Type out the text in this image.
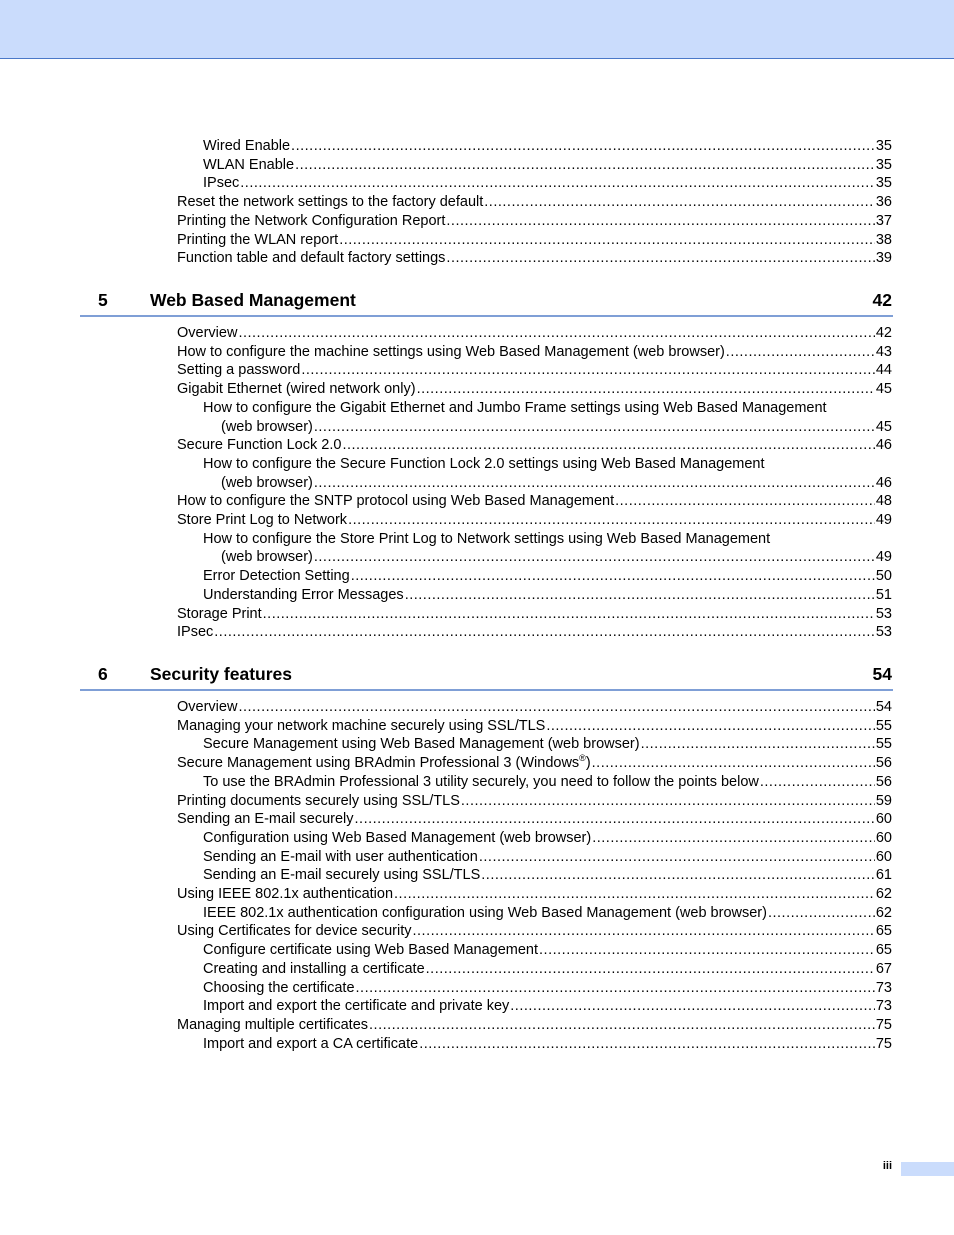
Wired Enable .....	35
WLAN Enable .....	35
IPsec .....	35
Reset the network settings to the factory default .....	36
Printing the Network Configuration Report .....	37
Printing the WLAN report .....	38
Function table and default factory settings .....	39
5 Web Based Management	42
Overview .....	42
How to configure the machine settings using Web Based Management (web browser) .....	43
Setting a password .....	44
Gigabit Ethernet (wired network only) .....	45
How to configure the Gigabit Ethernet and Jumbo Frame settings using Web Based Management
(web browser) .....	45
Secure Function Lock 2.0 .....	46
How to configure the Secure Function Lock 2.0 settings using Web Based Management
(web browser) .....	46
How to configure the SNTP protocol using Web Based Management .....	48
Store Print Log to Network .....	49
How to configure the Store Print Log to Network settings using Web Based Management
(web browser) .....	49
Error Detection Setting .....	50
Understanding Error Messages .....	51
Storage Print .....	53
IPsec .....	53
6 Security features	54
Overview .....	54
Managing your network machine securely using SSL/TLS .....	55
Secure Management using Web Based Management (web browser) .....	55
Secure Management using BRAdmin Professional 3 (Windows®) .....	56
To use the BRAdmin Professional 3 utility securely, you need to follow the points below .....	56
Printing documents securely using SSL/TLS .....	59
Sending an E-mail securely .....	60
Configuration using Web Based Management (web browser) .....	60
Sending an E-mail with user authentication .....	60
Sending an E-mail securely using SSL/TLS .....	61
Using IEEE 802.1x authentication .....	62
IEEE 802.1x authentication configuration using Web Based Management (web browser) .....	62
Using Certificates for device security .....	65
Configure certificate using Web Based Management .....	65
Creating and installing a certificate .....	67
Choosing the certificate .....	73
Import and export the certificate and private key .....	73
Managing multiple certificates .....	75
Import and export a CA certificate .....	75
iii
